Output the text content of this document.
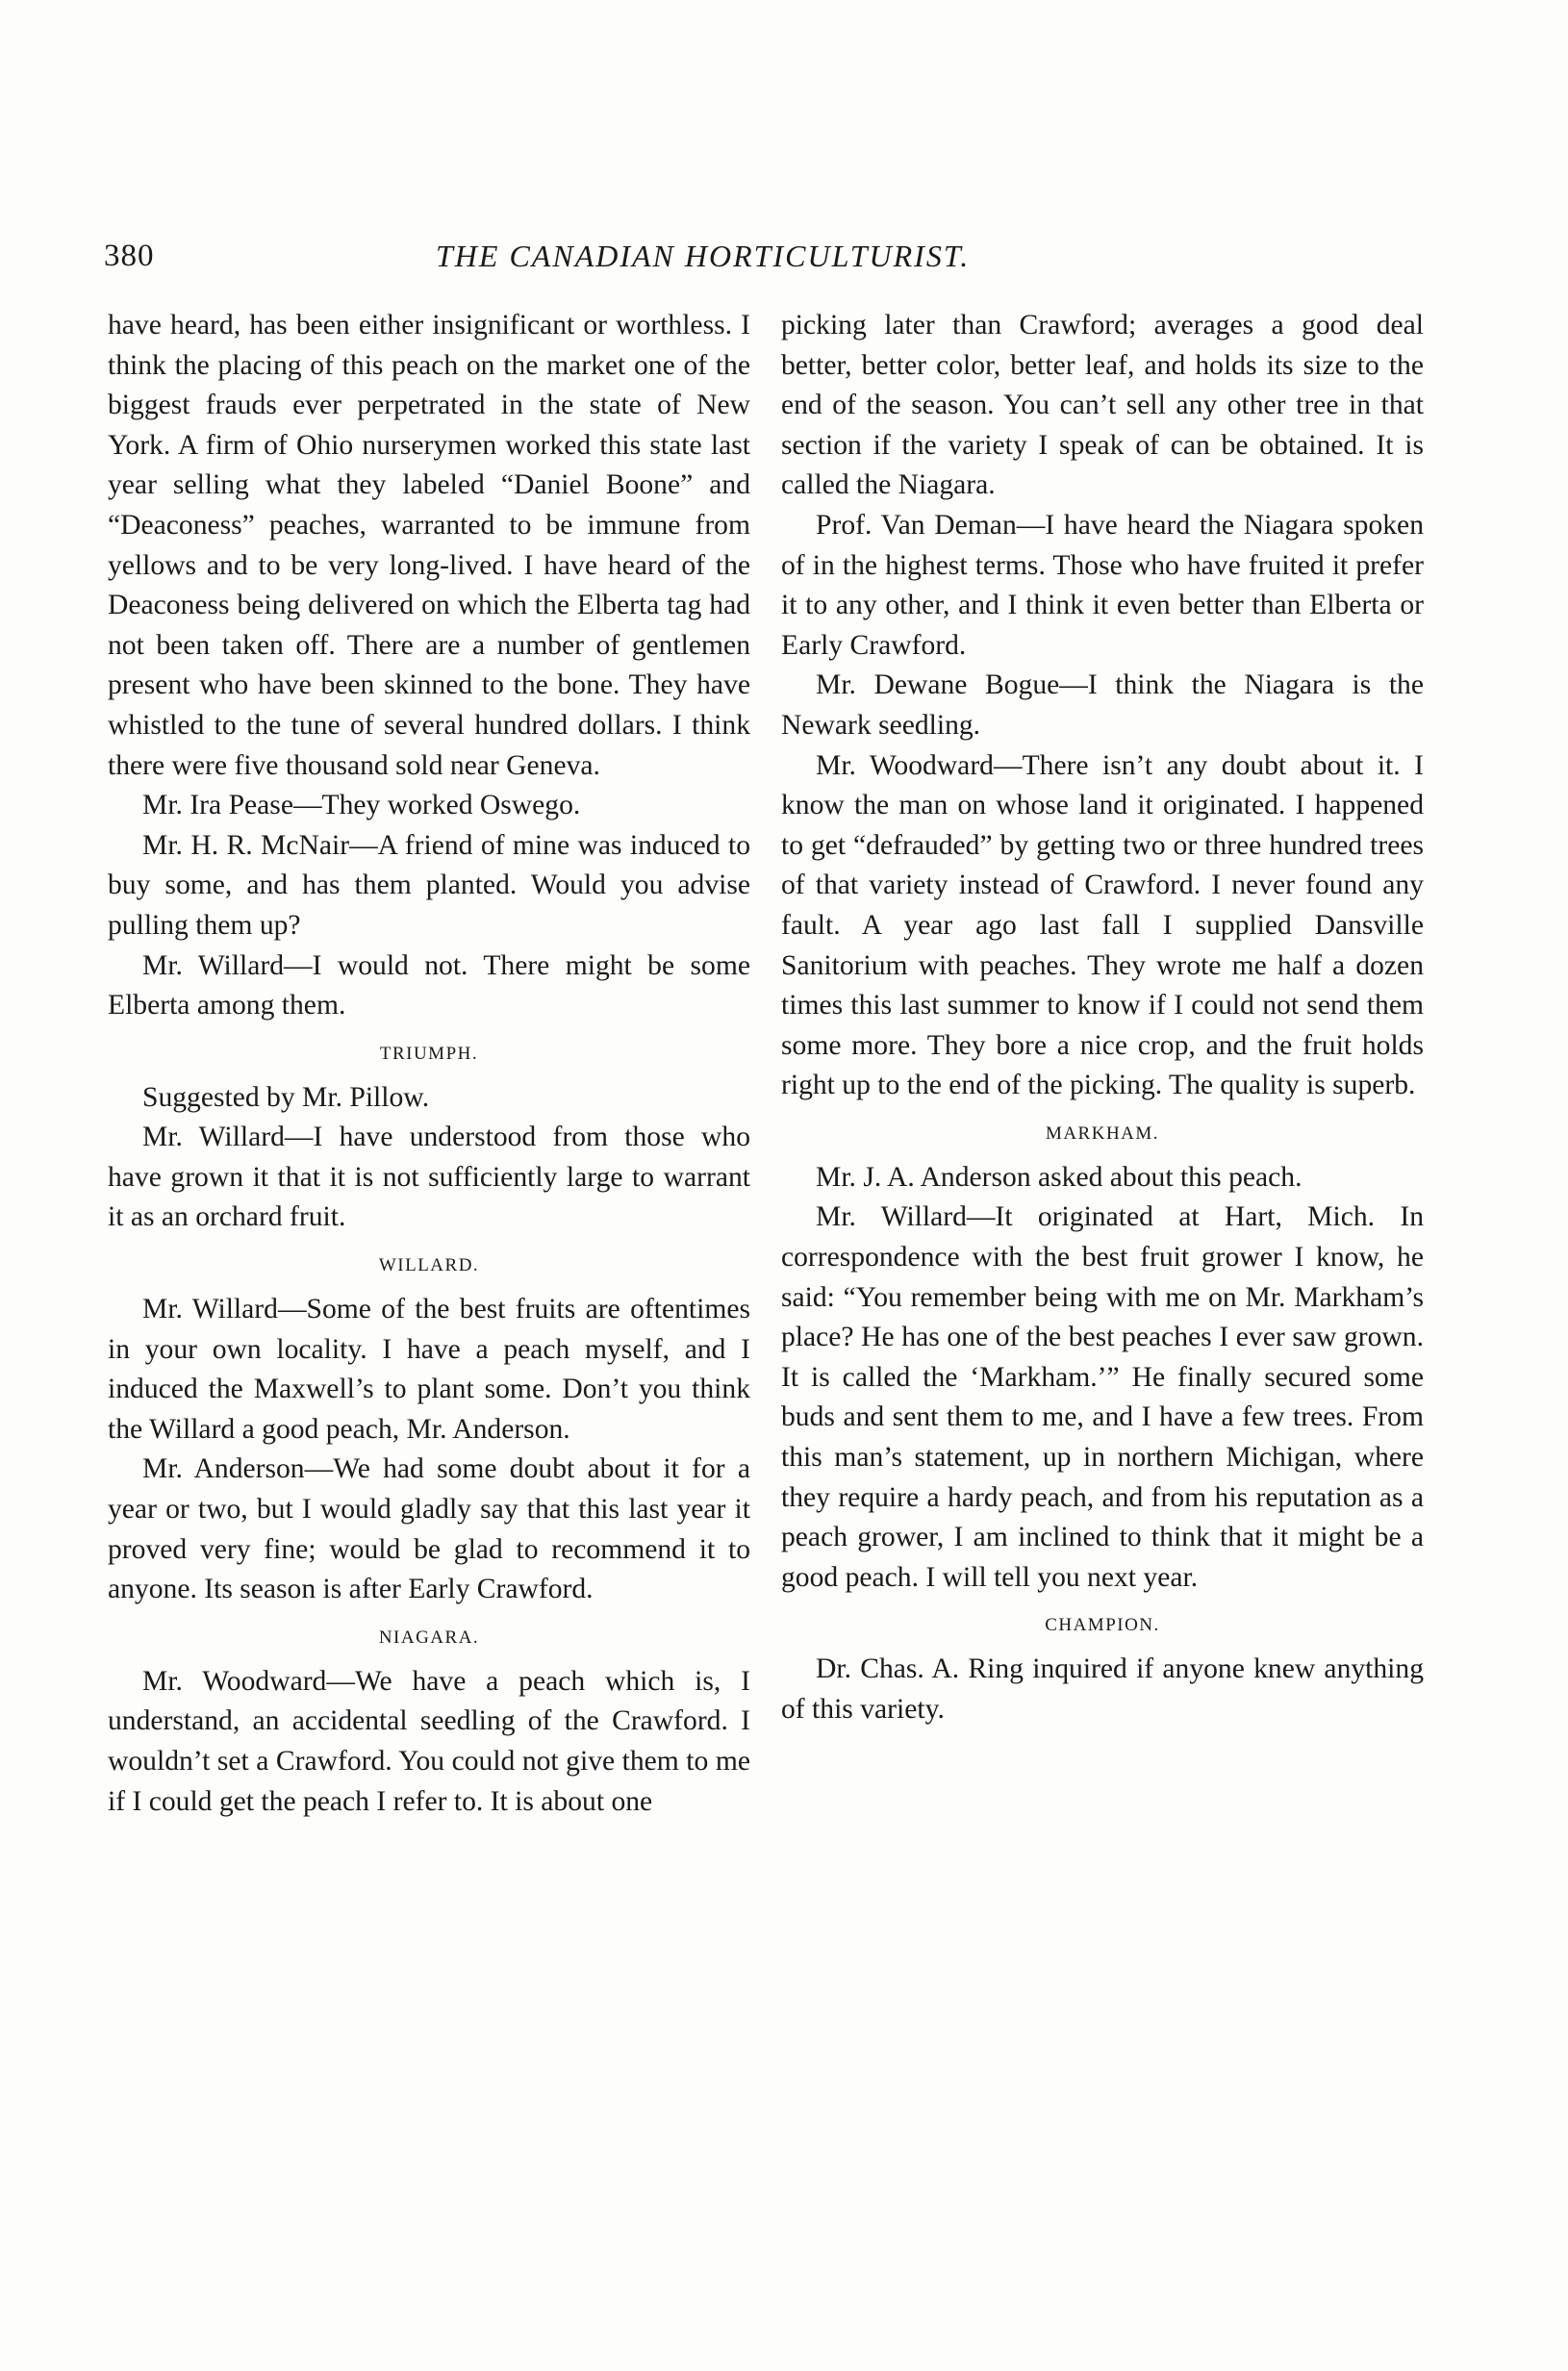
380	THE CANADIAN HORTICULTURIST.

have heard, has been either insignificant or worthless. I think the placing of this peach on the market one of the biggest frauds ever perpetrated in the state of New York. A firm of Ohio nurserymen worked this state last year selling what they labeled “Daniel Boone” and “Deaconess” peaches, warranted to be immune from yellows and to be very long-lived. I have heard of the Deaconess being delivered on which the Elberta tag had not been taken off. There are a number of gentlemen present who have been skinned to the bone. They have whistled to the tune of several hundred dollars. I think there were five thousand sold near Geneva.

Mr. Ira Pease—They worked Oswego.

Mr. H. R. McNair—A friend of mine was induced to buy some, and has them planted. Would you advise pulling them up?

Mr. Willard—I would not. There might be some Elberta among them.

TRIUMPH.

Suggested by Mr. Pillow.

Mr. Willard—I have understood from those who have grown it that it is not sufficiently large to warrant it as an orchard fruit.

WILLARD.

Mr. Willard—Some of the best fruits are oftentimes in your own locality. I have a peach myself, and I induced the Maxwell’s to plant some. Don’t you think the Willard a good peach, Mr. Anderson.

Mr. Anderson—We had some doubt about it for a year or two, but I would gladly say that this last year it proved very fine; would be glad to recommend it to anyone. Its season is after Early Crawford.

NIAGARA.

Mr. Woodward—We have a peach which is, I understand, an accidental seedling of the Crawford. I wouldn’t set a Crawford. You could not give them to me if I could get the peach I refer to. It is about one

picking later than Crawford; averages a good deal better, better color, better leaf, and holds its size to the end of the season. You can’t sell any other tree in that section if the variety I speak of can be obtained. It is called the Niagara.

Prof. Van Deman—I have heard the Niagara spoken of in the highest terms. Those who have fruited it prefer it to any other, and I think it even better than Elberta or Early Crawford.

Mr. Dewane Bogue—I think the Niagara is the Newark seedling.

Mr. Woodward—There isn’t any doubt about it. I know the man on whose land it originated. I happened to get “defrauded” by getting two or three hundred trees of that variety instead of Crawford. I never found any fault. A year ago last fall I supplied Dansville Sanitorium with peaches. They wrote me half a dozen times this last summer to know if I could not send them some more. They bore a nice crop, and the fruit holds right up to the end of the picking. The quality is superb.

MARKHAM.

Mr. J. A. Anderson asked about this peach.

Mr. Willard—It originated at Hart, Mich. In correspondence with the best fruit grower I know, he said: “You remember being with me on Mr. Markham’s place? He has one of the best peaches I ever saw grown. It is called the ‘Markham.’” He finally secured some buds and sent them to me, and I have a few trees. From this man’s statement, up in northern Michigan, where they require a hardy peach, and from his reputation as a peach grower, I am inclined to think that it might be a good peach. I will tell you next year.

CHAMPION.

Dr. Chas. A. Ring inquired if anyone knew anything of this variety.
